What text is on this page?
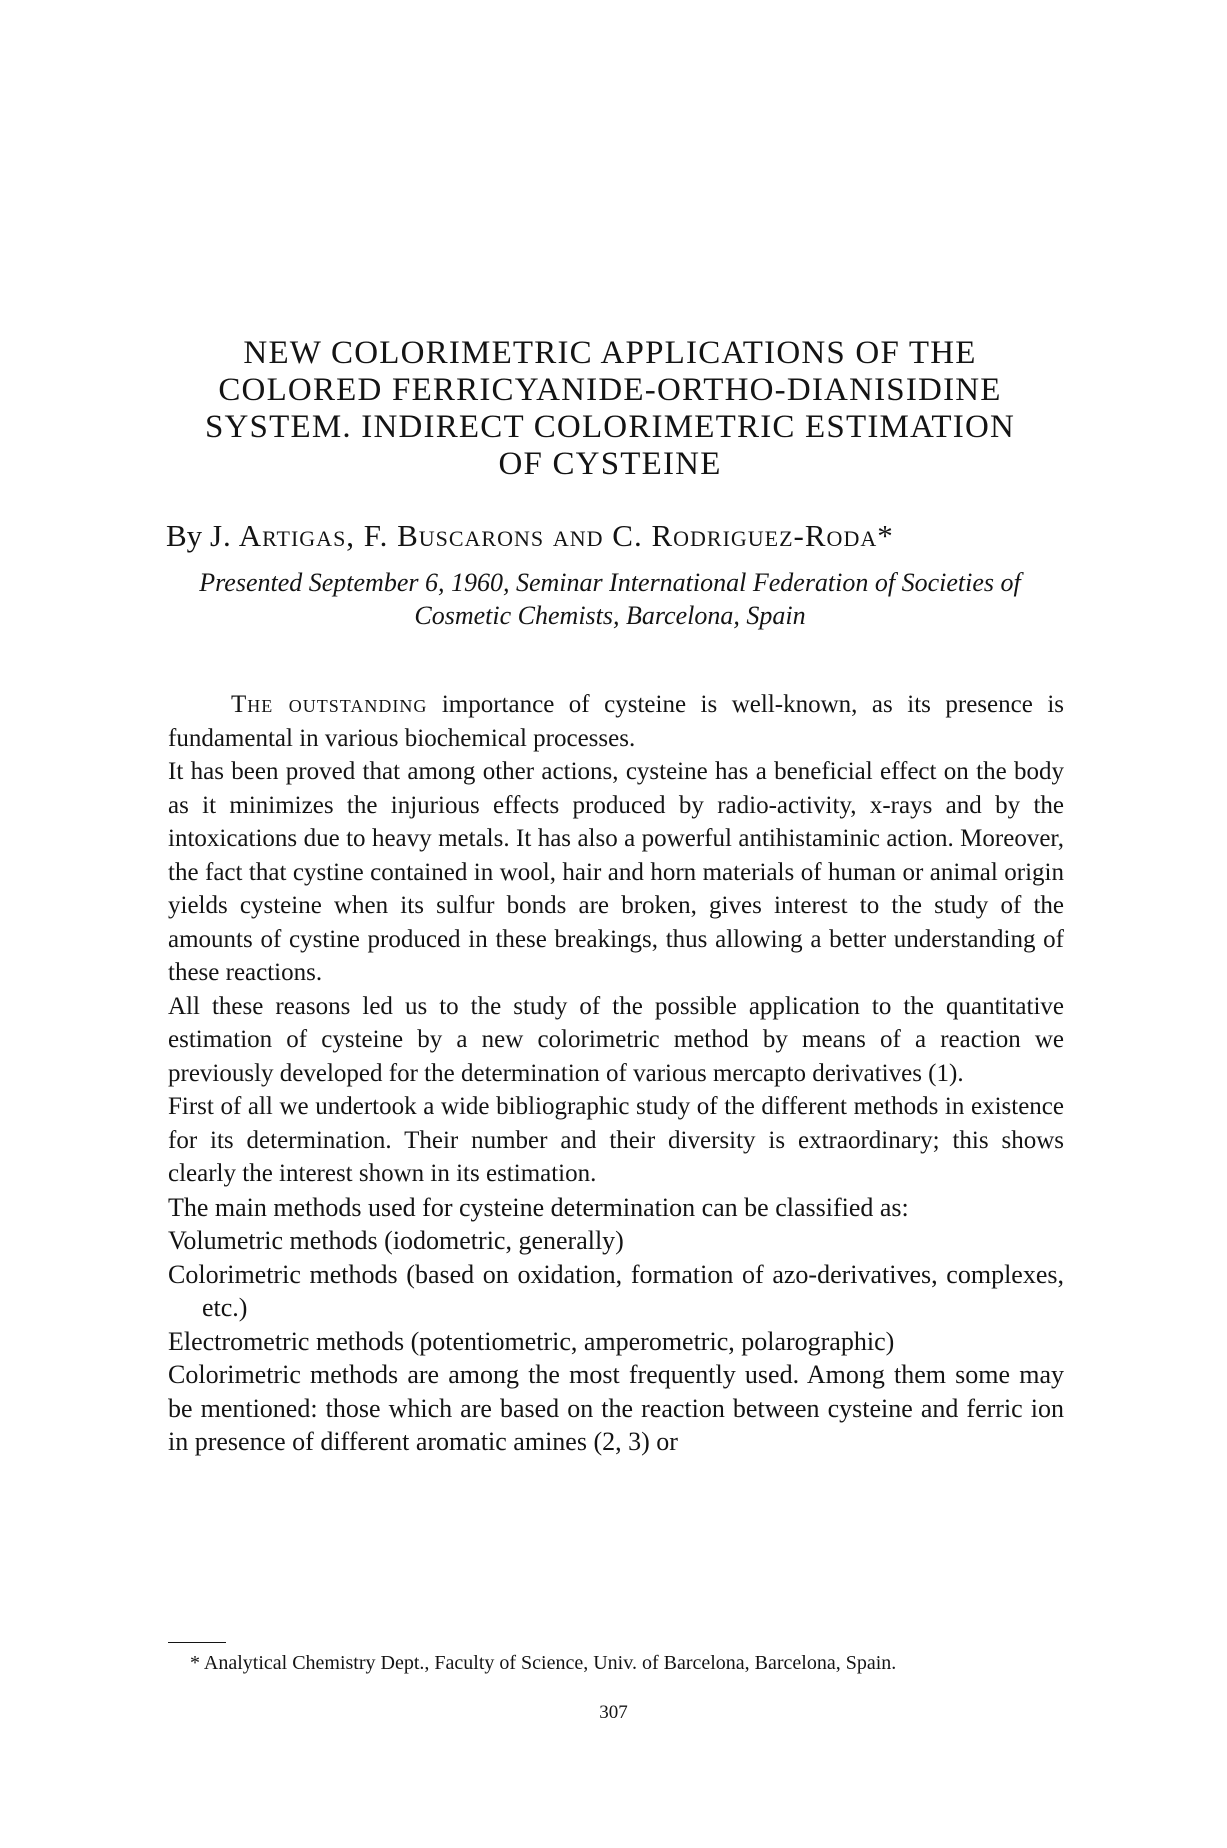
NEW COLORIMETRIC APPLICATIONS OF THE
COLORED FERRICYANIDE-ORTHO-DIANISIDINE
SYSTEM. INDIRECT COLORIMETRIC ESTIMATION
OF CYSTEINE
By J. Artigas, F. Buscarons and C. Rodriguez-Roda*
Presented September 6, 1960, Seminar International Federation of Societies of
Cosmetic Chemists, Barcelona, Spain

The outstanding importance of cysteine is well-known, as its presence is fundamental in various biochemical processes.

It has been proved that among other actions, cysteine has a beneficial effect on the body as it minimizes the injurious effects produced by radio-activity, x-rays and by the intoxications due to heavy metals. It has also a powerful antihistaminic action. Moreover, the fact that cystine contained in wool, hair and horn materials of human or animal origin yields cysteine when its sulfur bonds are broken, gives interest to the study of the amounts of cystine produced in these breakings, thus allowing a better understanding of these reactions.

All these reasons led us to the study of the possible application to the quantitative estimation of cysteine by a new colorimetric method by means of a reaction we previously developed for the determination of various mercapto derivatives (1).

First of all we undertook a wide bibliographic study of the different methods in existence for its determination. Their number and their diversity is extraordinary; this shows clearly the interest shown in its estimation.

The main methods used for cysteine determination can be classified as:

Volumetric methods (iodometric, generally)
Colorimetric methods (based on oxidation, formation of azo-derivatives, complexes, etc.)
Electrometric methods (potentiometric, amperometric, polarographic)

Colorimetric methods are among the most frequently used. Among them some may be mentioned: those which are based on the reaction between cysteine and ferric ion in presence of different aromatic amines (2, 3) or

* Analytical Chemistry Dept., Faculty of Science, Univ. of Barcelona, Barcelona, Spain.
307
